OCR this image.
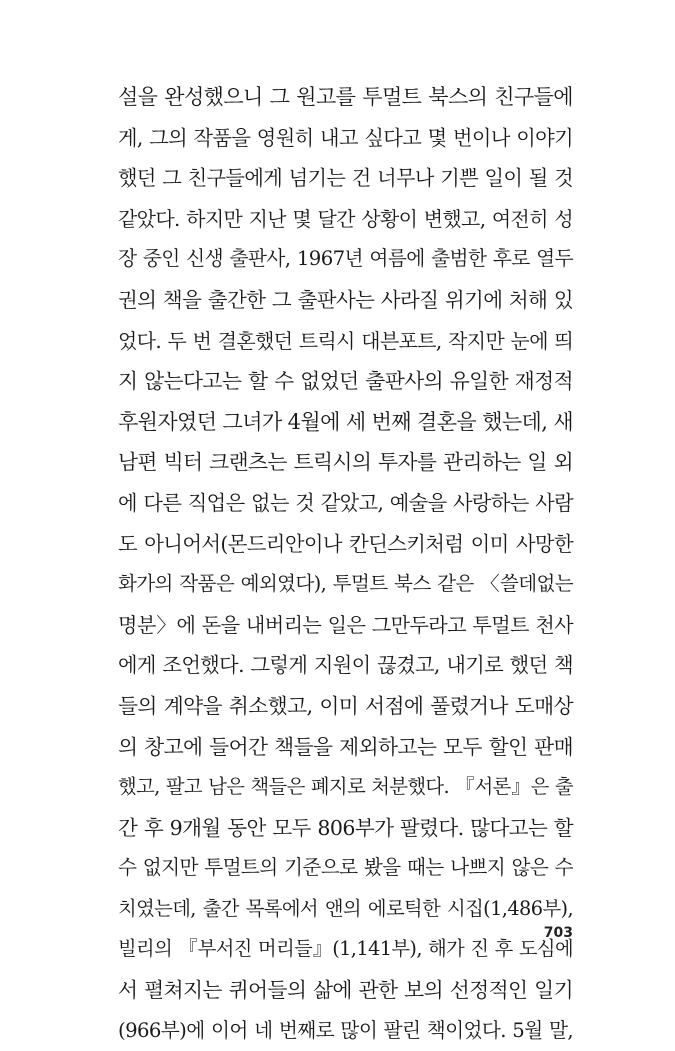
설을 완성했으니 그 원고를 투멀트 북스의 친구들에
게, 그의 작품을 영원히 내고 싶다고 몇 번이나 이야기
했던 그 친구들에게 넘기는 건 너무나 기쁜 일이 될 것
같았다. 하지만 지난 몇 달간 상황이 변했고, 여전히 성
장 중인 신생 출판사, 1967년 여름에 출범한 후로 열두
권의 책을 출간한 그 출판사는 사라질 위기에 처해 있
었다. 두 번 결혼했던 트릭시 대븐포트, 작지만 눈에 띄
지 않는다고는 할 수 없었던 출판사의 유일한 재정적
후원자였던 그녀가 4월에 세 번째 결혼을 했는데, 새
남편 빅터 크랜츠는 트릭시의 투자를 관리하는 일 외
에 다른 직업은 없는 것 같았고, 예술을 사랑하는 사람
도 아니어서(몬드리안이나 칸딘스키처럼 이미 사망한
화가의 작품은 예외였다), 투멀트 북스 같은 〈쓸데없는
명분〉에 돈을 내버리는 일은 그만두라고 투멀트 천사
에게 조언했다. 그렇게 지원이 끊겼고, 내기로 했던 책
들의 계약을 취소했고, 이미 서점에 풀렸거나 도매상
의 창고에 들어간 책들을 제외하고는 모두 할인 판매
했고, 팔고 남은 책들은 폐지로 처분했다. 『서론』은 출
간 후 9개월 동안 모두 806부가 팔렸다. 많다고는 할
수 없지만 투멀트의 기준으로 봤을 때는 나쁘지 않은 수
치였는데, 출간 목록에서 앤의 에로틱한 시집(1,486부),
빌리의 『부서진 머리들』(1,141부), 해가 진 후 도심에
서 펼쳐지는 퀴어들의 삶에 관한 보의 선정적인 일기
(966부)에 이어 네 번째로 많이 팔린 책이었다. 5월 말,
703
